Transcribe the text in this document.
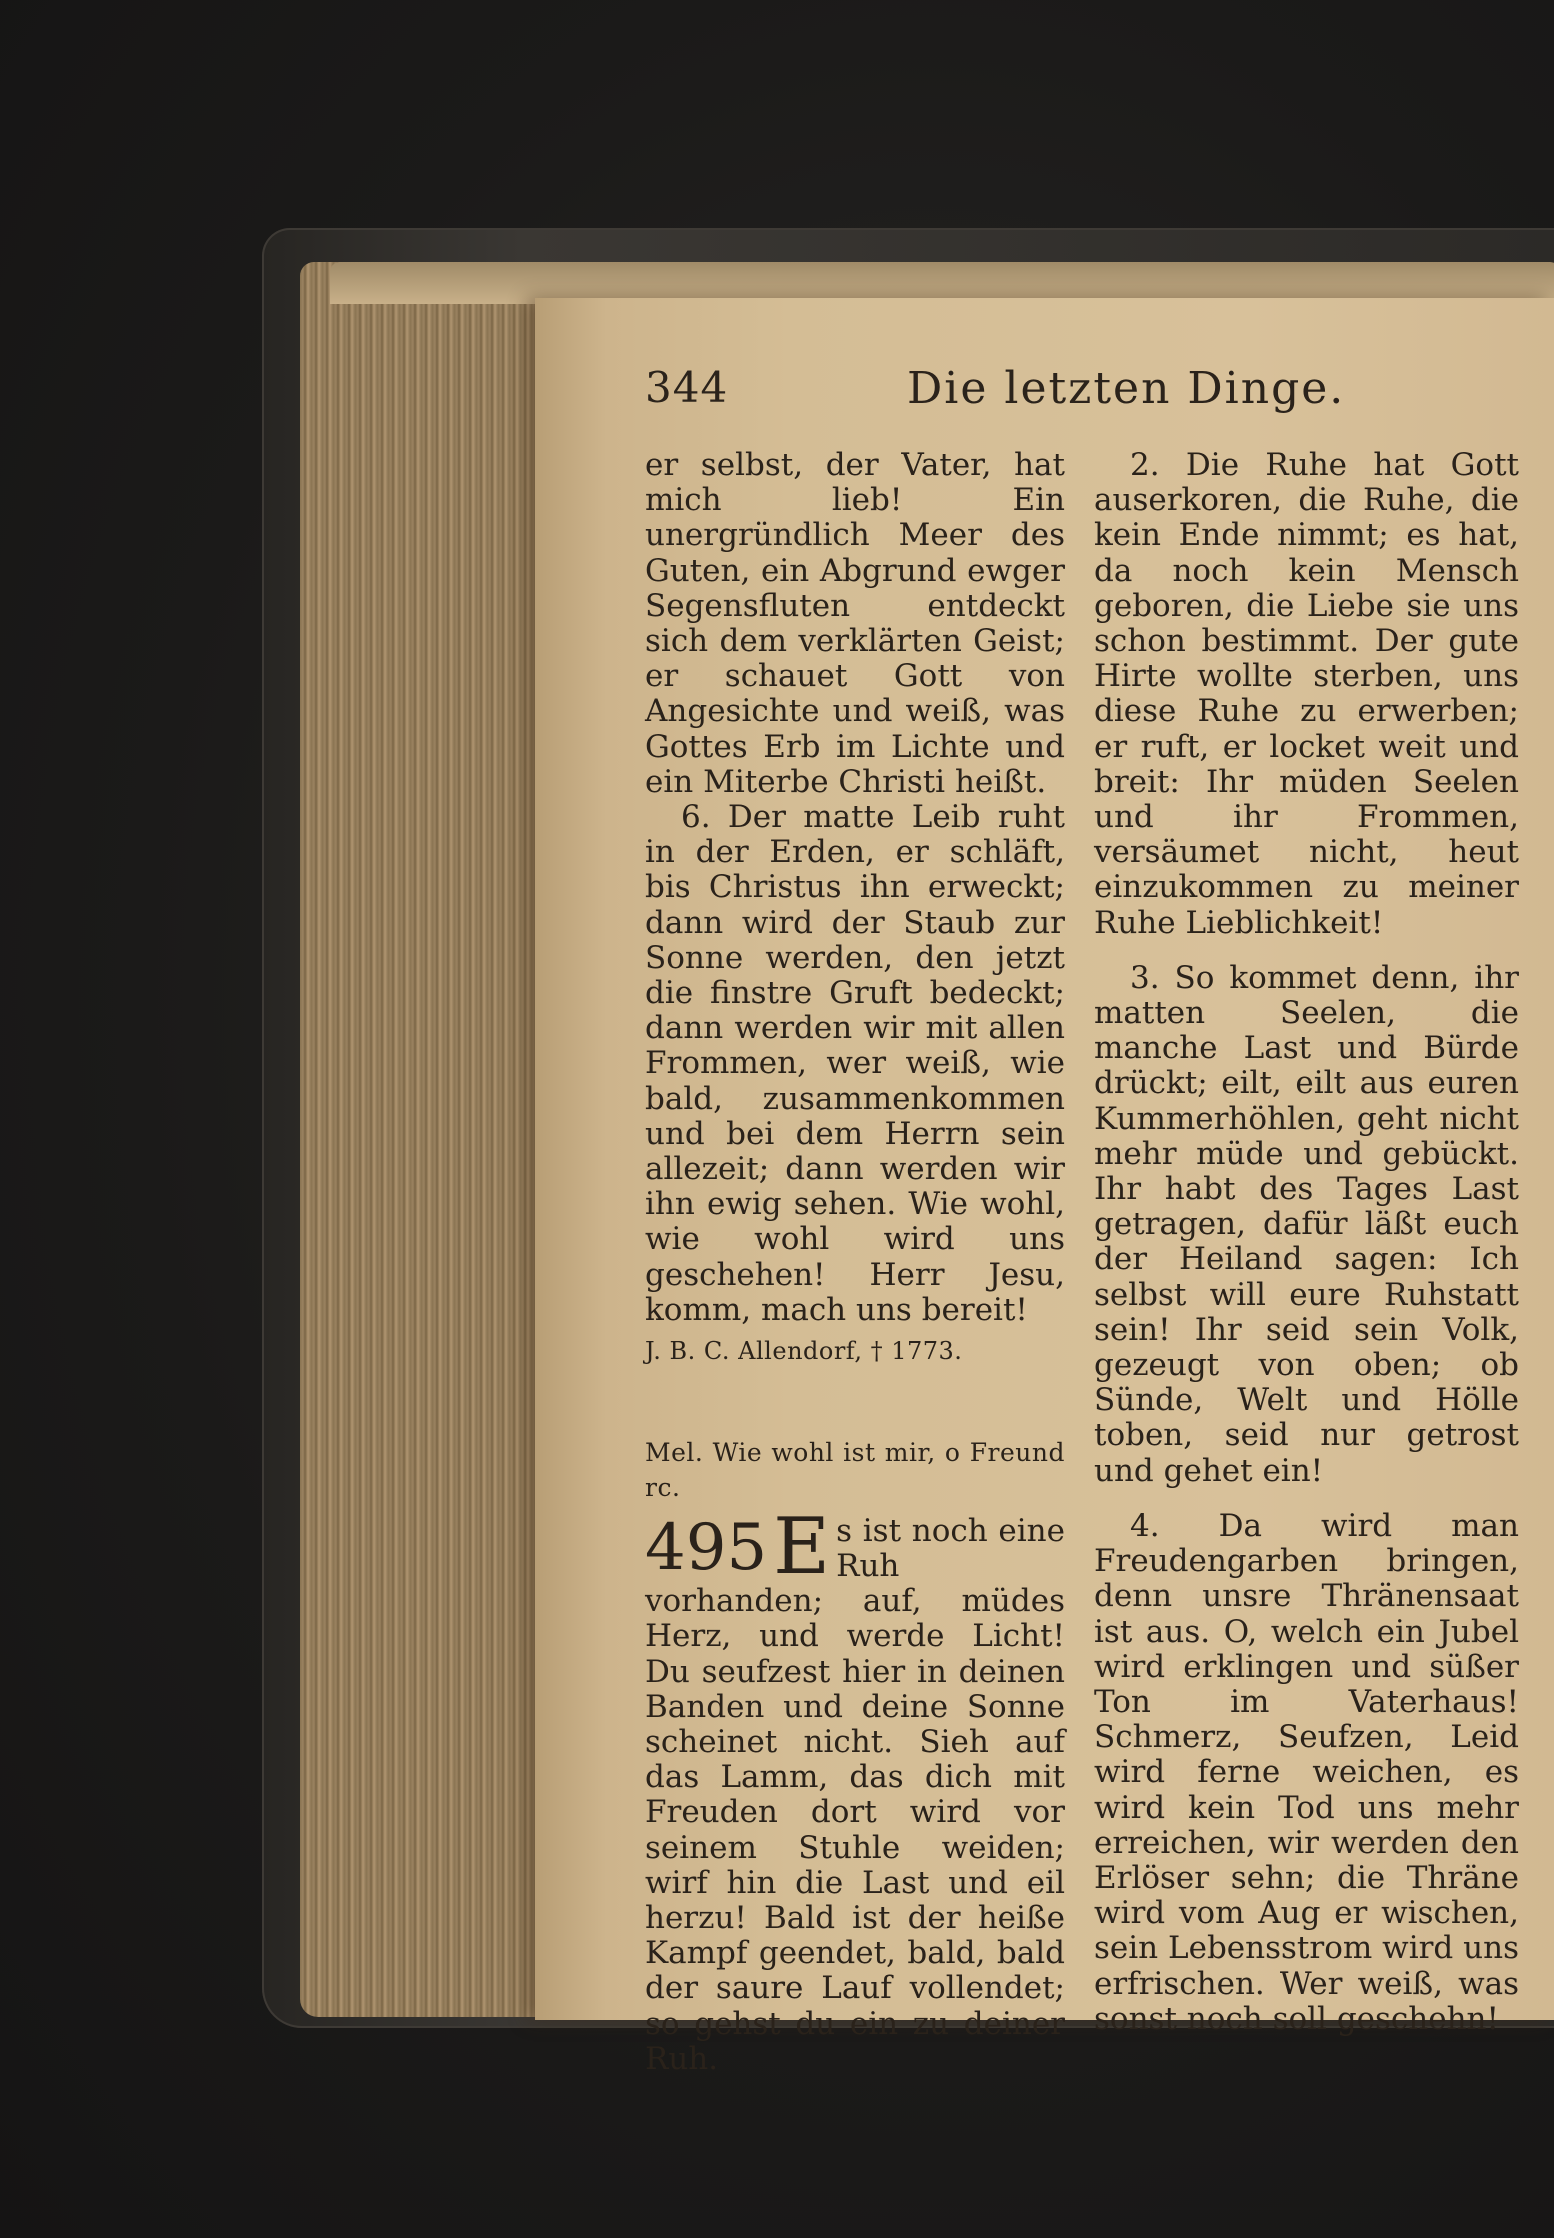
344	Die letzten Dinge.

er selbst, der Vater, hat mich lieb! Ein unergründlich Meer des Guten, ein Abgrund ewger Segensfluten entdeckt sich dem verklärten Geist; er schauet Gott von Angesichte und weiß, was Gottes Erb im Lichte und ein Miterbe Christi heißt.

6. Der matte Leib ruht in der Erden, er schläft, bis Christus ihn erweckt; dann wird der Staub zur Sonne werden, den jetzt die finstre Gruft bedeckt; dann werden wir mit allen Frommen, wer weiß, wie bald, zusammenkommen und bei dem Herrn sein allezeit; dann werden wir ihn ewig sehen. Wie wohl, wie wohl wird uns geschehen! Herr Jesu, komm, mach uns bereit!

J. B. C. Allendorf, † 1773.

Mel. Wie wohl ist mir, o Freund rc.

495 E s ist noch eine Ruh vorhanden; auf, müdes Herz, und werde Licht! Du seufzest hier in deinen Banden und deine Sonne scheinet nicht. Sieh auf das Lamm, das dich mit Freuden dort wird vor seinem Stuhle weiden; wirf hin die Last und eil herzu! Bald ist der heiße Kampf geendet, bald, bald der saure Lauf vollendet; so gehst du ein zu deiner Ruh.

2. Die Ruhe hat Gott auserkoren, die Ruhe, die kein Ende nimmt; es hat, da noch kein Mensch geboren, die Liebe sie uns schon bestimmt. Der gute Hirte wollte sterben, uns diese Ruhe zu erwerben; er ruft, er locket weit und breit: Ihr müden Seelen und ihr Frommen, versäumet nicht, heut einzukommen zu meiner Ruhe Lieblichkeit!

3. So kommet denn, ihr matten Seelen, die manche Last und Bürde drückt; eilt, eilt aus euren Kummerhöhlen, geht nicht mehr müde und gebückt. Ihr habt des Tages Last getragen, dafür läßt euch der Heiland sagen: Ich selbst will eure Ruhstatt sein! Ihr seid sein Volk, gezeugt von oben; ob Sünde, Welt und Hölle toben, seid nur getrost und gehet ein!

4. Da wird man Freudengarben bringen, denn unsre Thränensaat ist aus. O, welch ein Jubel wird erklingen und süßer Ton im Vaterhaus! Schmerz, Seufzen, Leid wird ferne weichen, es wird kein Tod uns mehr erreichen, wir werden den Erlöser sehn; die Thräne wird vom Aug er wischen, sein Lebensstrom wird uns erfrischen. Wer weiß, was sonst noch soll geschehn!
